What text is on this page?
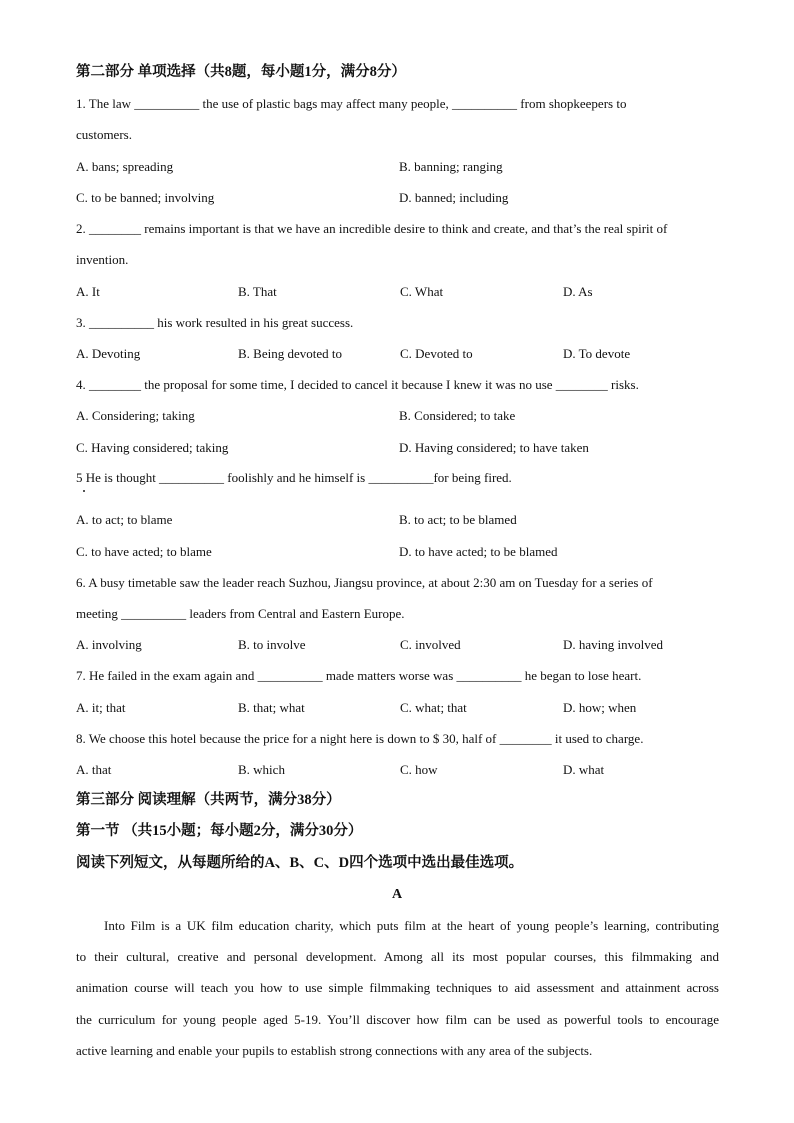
第二部分 单项选择（共8题，每小题1分，满分8分）
1. The law __________ the use of plastic bags may affect many people, __________ from shopkeepers to
customers.
A. bans; spreading	B. banning; ranging
C. to be banned; involving	D. banned; including
2. ________ remains important is that we have an incredible desire to think and create, and that’s the real spirit of
invention.
A. It	B. That	C. What	D. As
3. __________ his work resulted in his great success.
A. Devoting	B. Being devoted to	C. Devoted to	D. To devote
4. ________ the proposal for some time, I decided to cancel it because I knew it was no use ________ risks.
A. Considering; taking	B. Considered; to take
C. Having considered; taking	D. Having considered; to have taken
5 He is thought __________ foolishly and he himself is __________for being fired.
A. to act; to blame	B. to act; to be blamed
C. to have acted; to blame	D. to have acted; to be blamed
6. A busy timetable saw the leader reach Suzhou, Jiangsu province, at about 2:30 am on Tuesday for a series of
meeting __________ leaders from Central and Eastern Europe.
A. involving	B. to involve	C. involved	D. having involved
7. He failed in the exam again and __________ made matters worse was __________ he began to lose heart.
A. it; that	B. that; what	C. what; that	D. how; when
8. We choose this hotel because the price for a night here is down to $ 30, half of ________ it used to charge.
A. that	B. which	C. how	D. what
第三部分 阅读理解（共两节，满分38分）
第一节 （共15小题；每小题2分，满分30分）
阅读下列短文，从每题所给的A、B、C、D四个选项中选出最佳选项。
A
Into Film is a UK film education charity, which puts film at the heart of young people’s learning, contributing
to their cultural, creative and personal development. Among all its most popular courses, this filmmaking and
animation course will teach you how to use simple filmmaking techniques to aid assessment and attainment across
the curriculum for young people aged 5-19. You’ll discover how film can be used as powerful tools to encourage
active learning and enable your pupils to establish strong connections with any area of the subjects.
